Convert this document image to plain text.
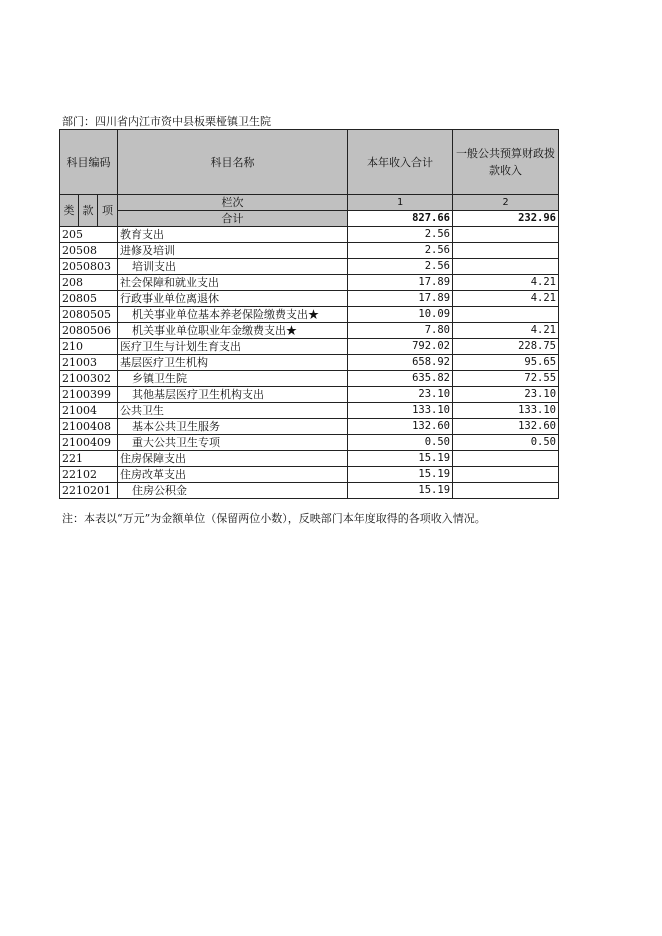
部门：四川省内江市资中县板栗桠镇卫生院
科目编码			科目名称	本年收入合计	一般公共预算财政拨款收入

类	款	项	栏次	1	2
			合计	827.66	232.96
205			教育支出	2.56	
20508			进修及培训	2.56	
2050803			培训支出	2.56	
208			社会保障和就业支出	17.89	4.21
20805			行政事业单位离退休	17.89	4.21
2080505			机关事业单位基本养老保险缴费支出★	10.09	
2080506			机关事业单位职业年金缴费支出★	7.80	4.21
210			医疗卫生与计划生育支出	792.02	228.75
21003			基层医疗卫生机构	658.92	95.65
2100302			乡镇卫生院	635.82	72.55
2100399			其他基层医疗卫生机构支出	23.10	23.10
21004			公共卫生	133.10	133.10
2100408			基本公共卫生服务	132.60	132.60
2100409			重大公共卫生专项	0.50	0.50
221			住房保障支出	15.19	
22102			住房改革支出	15.19	
2210201			住房公积金	15.19	
注：本表以“万元”为金额单位（保留两位小数），反映部门本年度取得的各项收入情况。
